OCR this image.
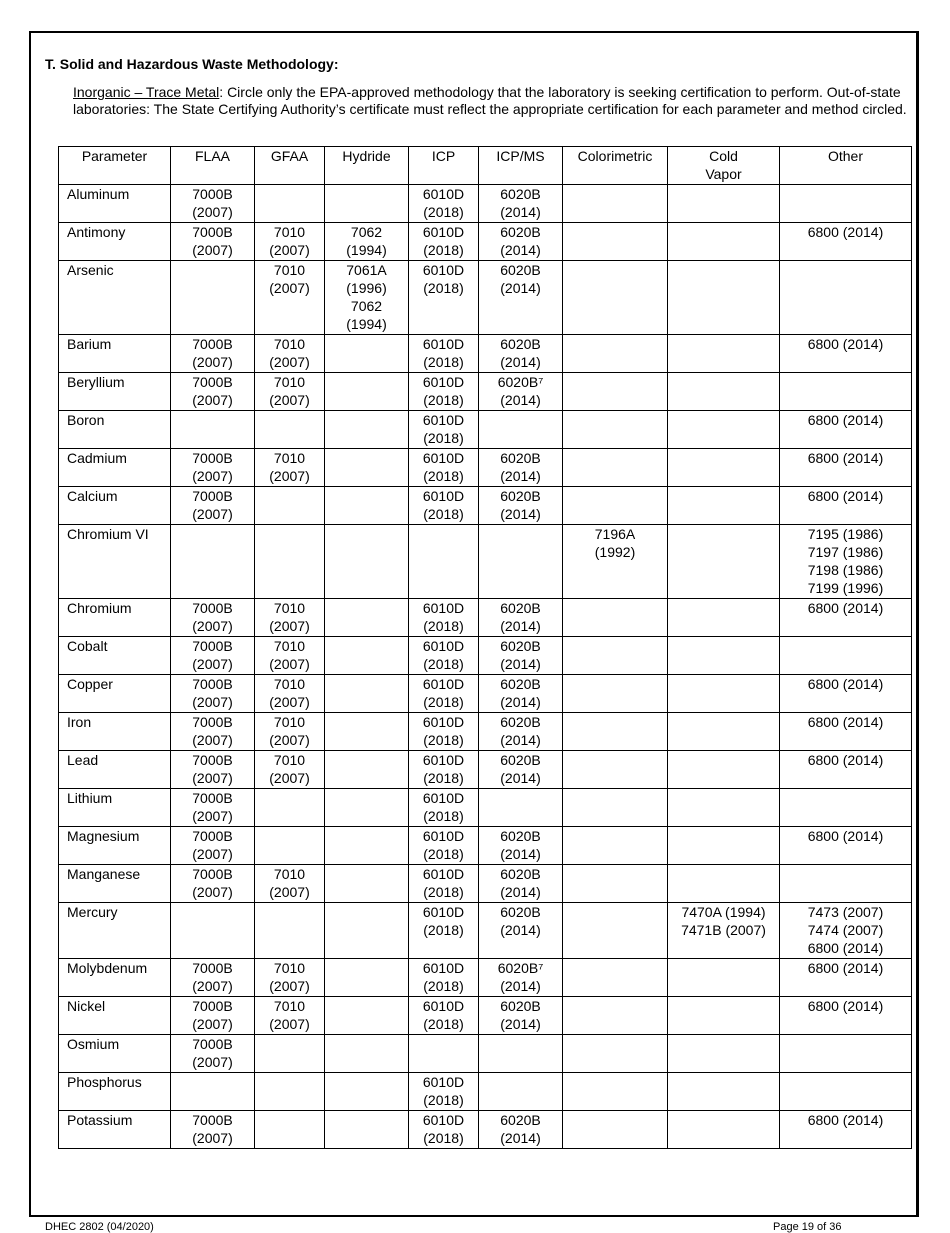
T. Solid and Hazardous Waste Methodology:
Inorganic – Trace Metal: Circle only the EPA-approved methodology that the laboratory is seeking certification to perform. Out-of-state laboratories: The State Certifying Authority’s certificate must reflect the appropriate certification for each parameter and method circled.
Parameter	FLAA	GFAA	Hydride	ICP	ICP/MS	Colorimetric	Cold
Vapor	Other
Aluminum	7000B
(2007)			6010D
(2018)	6020B
(2014)			
Antimony	7000B
(2007)	7010
(2007)	7062
(1994)	6010D
(2018)	6020B
(2014)			6800 (2014)
Arsenic		7010
(2007)	7061A
(1996)
7062
(1994)	6010D
(2018)	6020B
(2014)			
Barium	7000B
(2007)	7010
(2007)		6010D
(2018)	6020B
(2014)			6800 (2014)
Beryllium	7000B
(2007)	7010
(2007)		6010D
(2018)	6020B⁷
(2014)			
Boron				6010D
(2018)				6800 (2014)
Cadmium	7000B
(2007)	7010
(2007)		6010D
(2018)	6020B
(2014)			6800 (2014)
Calcium	7000B
(2007)			6010D
(2018)	6020B
(2014)			6800 (2014)
Chromium VI						7196A
(1992)		7195 (1986)
7197 (1986)
7198 (1986)
7199 (1996)
Chromium	7000B
(2007)	7010
(2007)		6010D
(2018)	6020B
(2014)			6800 (2014)
Cobalt	7000B
(2007)	7010
(2007)		6010D
(2018)	6020B
(2014)			
Copper	7000B
(2007)	7010
(2007)		6010D
(2018)	6020B
(2014)			6800 (2014)
Iron	7000B
(2007)	7010
(2007)		6010D
(2018)	6020B
(2014)			6800 (2014)
Lead	7000B
(2007)	7010
(2007)		6010D
(2018)	6020B
(2014)			6800 (2014)
Lithium	7000B
(2007)			6010D
(2018)				
Magnesium	7000B
(2007)			6010D
(2018)	6020B
(2014)			6800 (2014)
Manganese	7000B
(2007)	7010
(2007)		6010D
(2018)	6020B
(2014)			
Mercury				6010D
(2018)	6020B
(2014)		7470A (1994)
7471B (2007)	7473 (2007)
7474 (2007)
6800 (2014)
Molybdenum	7000B
(2007)	7010
(2007)		6010D
(2018)	6020B⁷
(2014)			6800 (2014)
Nickel	7000B
(2007)	7010
(2007)		6010D
(2018)	6020B
(2014)			6800 (2014)
Osmium	7000B
(2007)							
Phosphorus				6010D
(2018)				
Potassium	7000B
(2007)			6010D
(2018)	6020B
(2014)			6800 (2014)
DHEC 2802 (04/2020)	Page 19 of 36
